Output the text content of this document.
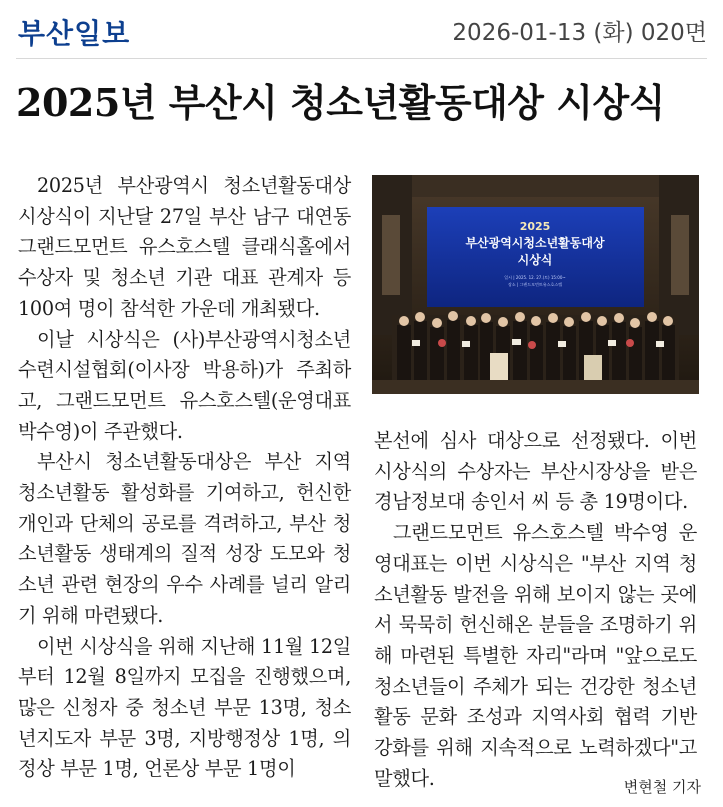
부산일보	2026-01-13 (화) 020면
2025년 부산시 청소년활동대상 시상식

2025년 부산광역시 청소년활동대상 시상식이 지난달 27일 부산 남구 대연동 그랜드모먼트 유스호스텔 클래식홀에서 수상자 및 청소년 기관 대표 관계자 등 100여 명이 참석한 가운데 개최됐다.

이날 시상식은 (사)부산광역시청소년수련시설협회(이사장 박용하)가 주최하고, 그랜드모먼트 유스호스텔(운영대표 박수영)이 주관했다.

부산시 청소년활동대상은 부산 지역 청소년활동 활성화를 기여하고, 헌신한 개인과 단체의 공로를 격려하고, 부산 청소년활동 생태계의 질적 성장 도모와 청소년 관련 현장의 우수 사례를 널리 알리기 위해 마련됐다.

이번 시상식을 위해 지난해 11월 12일부터 12월 8일까지 모집을 진행했으며, 많은 신청자 중 청소년 부문 13명, 청소년지도자 부문 3명, 지방행정상 1명, 의정상 부문 1명, 언론상 부문 1명이

2025
부산광역시청소년활동대상
시상식
일시 | 2025. 12. 27.(토) 15:00~
장소 | 그랜드모먼트유스호스텔

본선에 심사 대상으로 선정됐다. 이번 시상식의 수상자는 부산시장상을 받은 경남정보대 송인서 씨 등 총 19명이다.

그랜드모먼트 유스호스텔 박수영 운영대표는 이번 시상식은 "부산 지역 청소년활동 발전을 위해 보이지 않는 곳에서 묵묵히 헌신해온 분들을 조명하기 위해 마련된 특별한 자리"라며 "앞으로도 청소년들이 주체가 되는 건강한 청소년활동 문화 조성과 지역사회 협력 기반 강화를 위해 지속적으로 노력하겠다"고 말했다.	변현철 기자
